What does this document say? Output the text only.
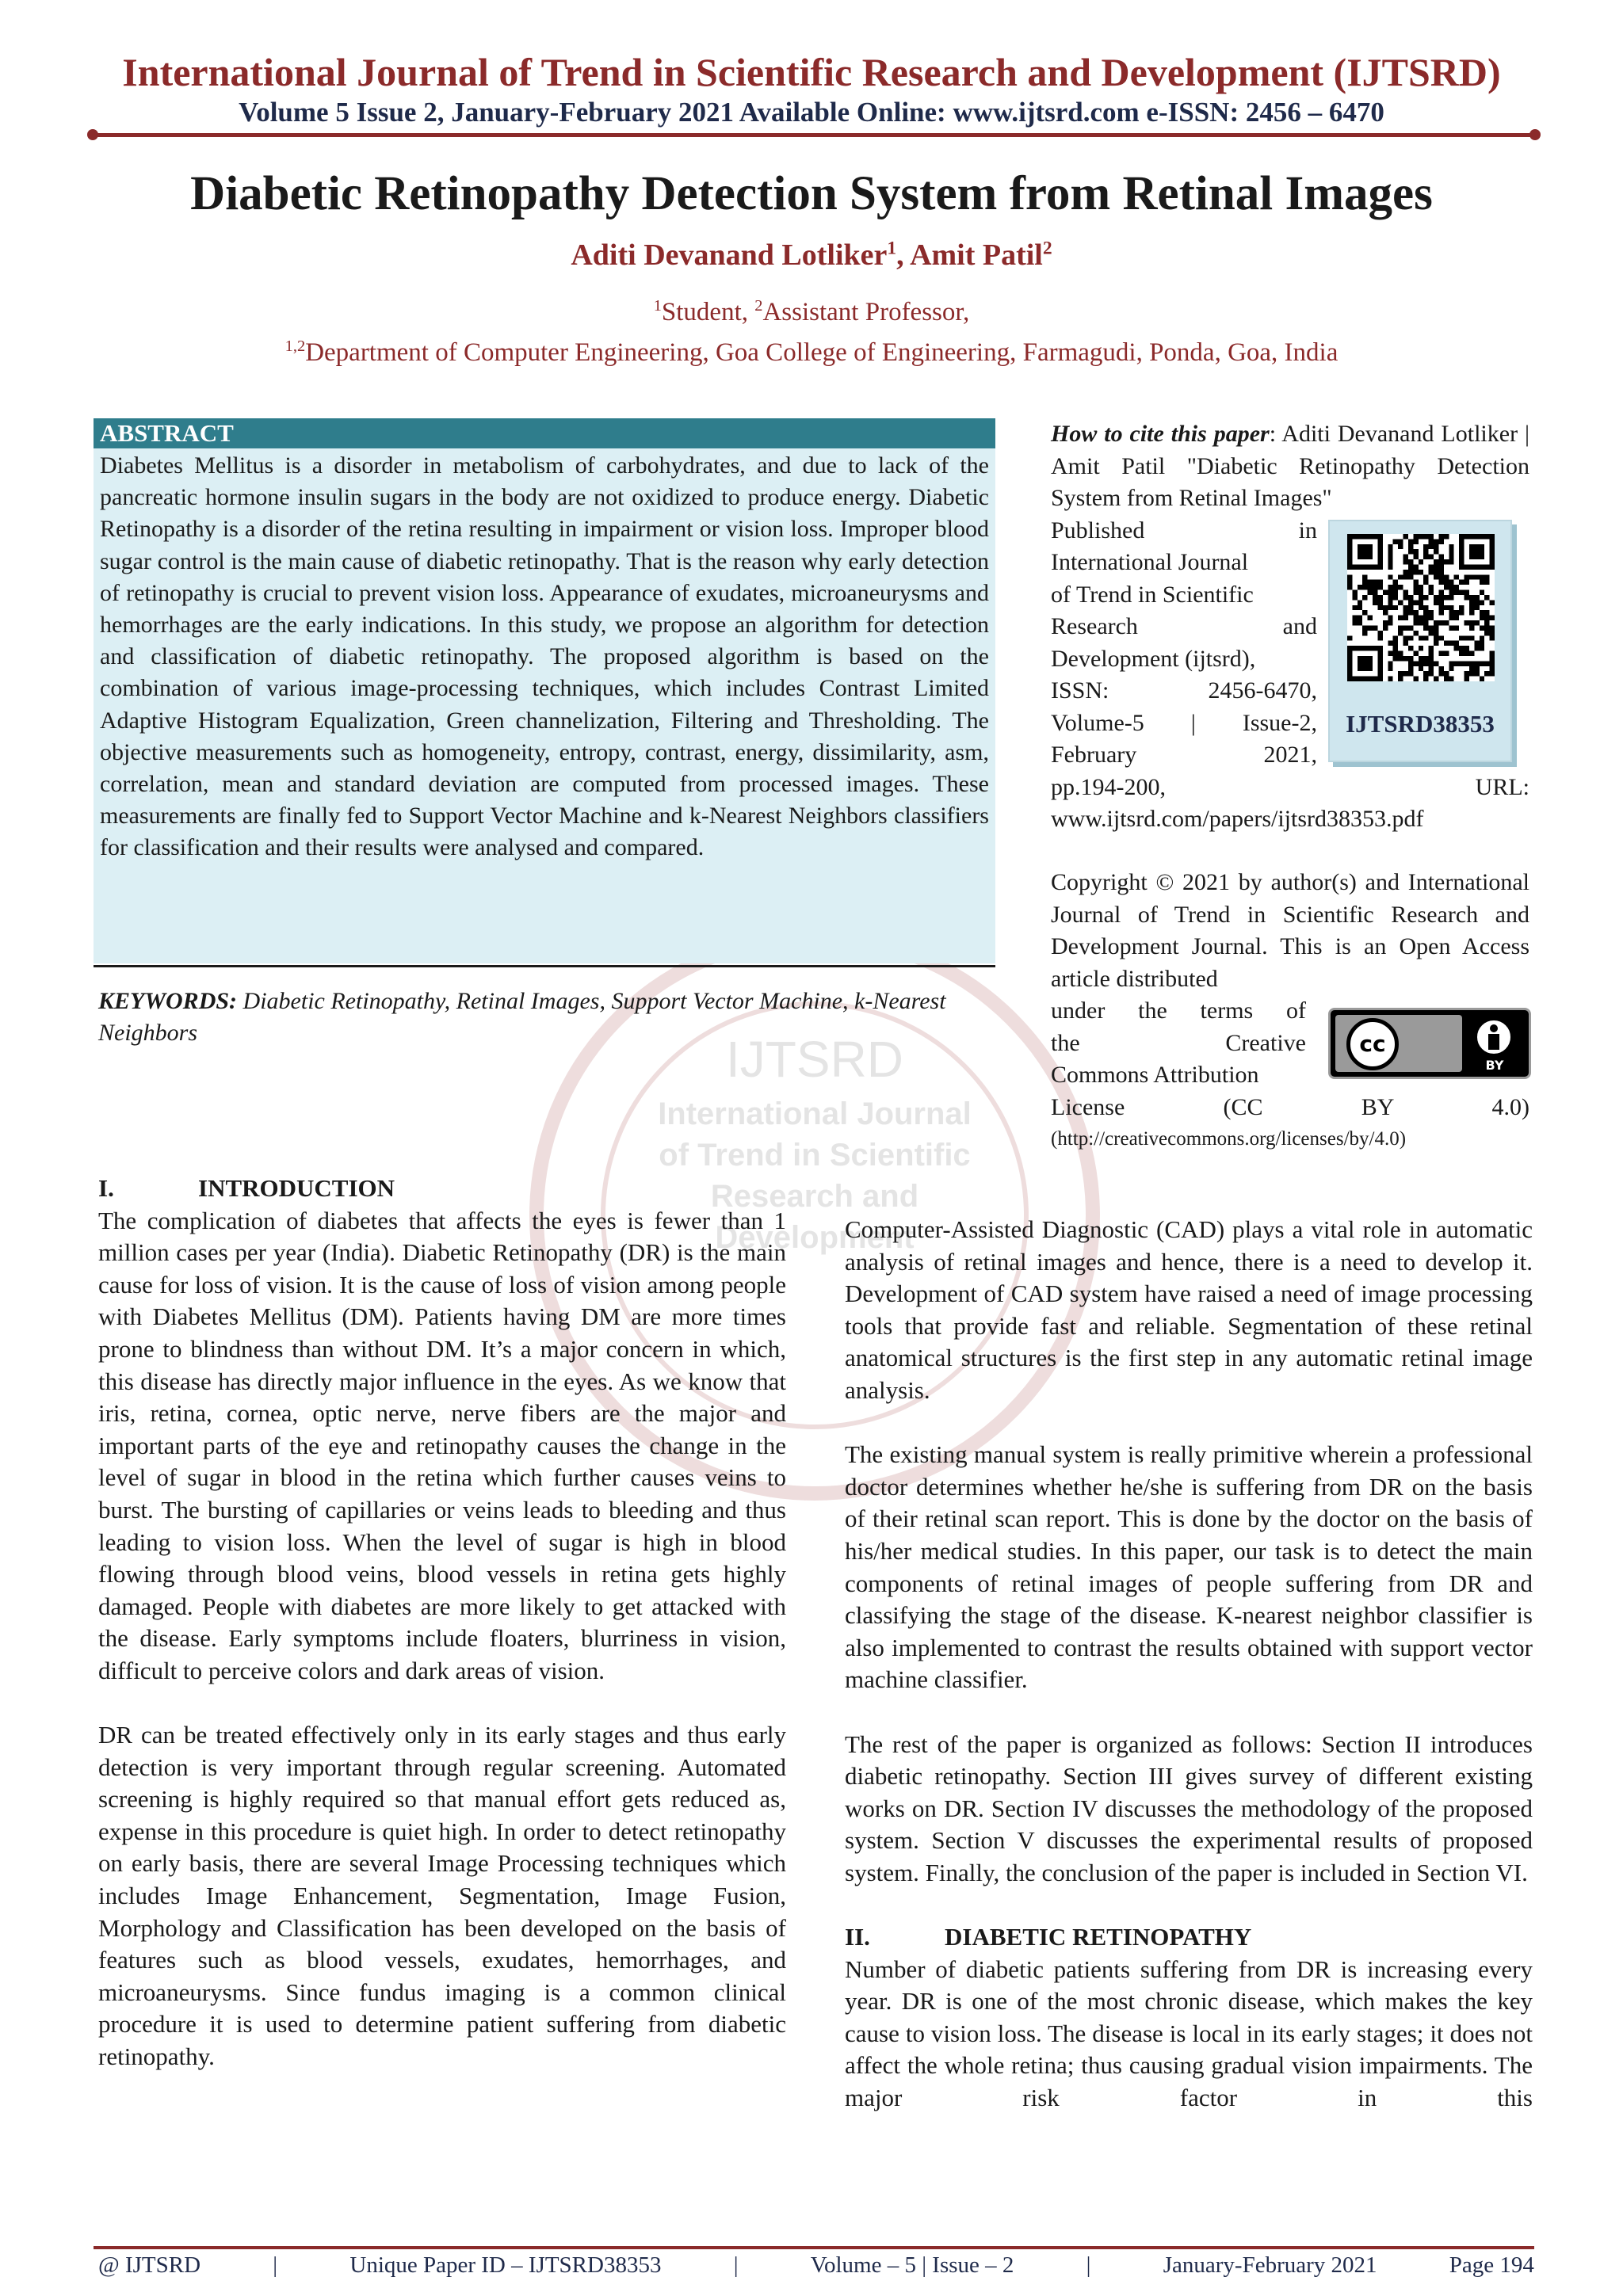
International Journal of Trend in Scientific Research and Development (IJTSRD)
Volume 5 Issue 2, January-February 2021 Available Online: www.ijtsrd.com e-ISSN: 2456 – 6470
Diabetic Retinopathy Detection System from Retinal Images
Aditi Devanand Lotliker$^1$, Amit Patil$^2$
$^1$Student, $^2$Assistant Professor,
$^{1,2}$Department of Computer Engineering, Goa College of Engineering, Farmagudi, Ponda, Goa, India
IJTSRD
International Journal
of Trend in Scientific
Research and
Development
ABSTRACT
Diabetes Mellitus is a disorder in metabolism of carbohydrates, and due to lack of the pancreatic hormone insulin sugars in the body are not oxidized to produce energy. Diabetic Retinopathy is a disorder of the retina resulting in impairment or vision loss. Improper blood sugar control is the main cause of diabetic retinopathy. That is the reason why early detection of retinopathy is crucial to prevent vision loss. Appearance of exudates, microaneurysms and hemorrhages are the early indications. In this study, we propose an algorithm for detection and classification of diabetic retinopathy. The proposed algorithm is based on the combination of various image-processing techniques, which includes Contrast Limited Adaptive Histogram Equalization, Green channelization, Filtering and Thresholding. The objective measurements such as homogeneity, entropy, contrast, energy, dissimilarity, asm, correlation, mean and standard deviation are computed from processed images. These measurements are finally fed to Support Vector Machine and k-Nearest Neighbors classifiers for classification and their results were analysed and compared.
KEYWORDS: Diabetic Retinopathy, Retinal Images, Support Vector Machine, k-Nearest Neighbors
How to cite this paper: Aditi Devanand Lotliker | Amit Patil "Diabetic Retinopathy Detection System from Retinal Images"
Published in
International Journal
of Trend in Scientific
Research and
Development (ijtsrd),
ISSN: 2456-6470,
Volume-5 | Issue-2,
February 2021,
pp.194-200, URL:
www.ijtsrd.com/papers/ijtsrd38353.pdf
IJTSRD38353
Copyright © 2021 by author(s) and International Journal of Trend in Scientific Research and Development Journal. This is an Open Access article distributed
under the terms of
the Creative
Commons Attribution
License (CC BY 4.0)
(http://creativecommons.org/licenses/by/4.0)
cc
BY
I.	INTRODUCTION
The complication of diabetes that affects the eyes is fewer than 1 million cases per year (India). Diabetic Retinopathy (DR) is the main cause for loss of vision. It is the cause of loss of vision among people with Diabetes Mellitus (DM). Patients having DM are more times prone to blindness than without DM. It’s a major concern in which, this disease has directly major influence in the eyes. As we know that iris, retina, cornea, optic nerve, nerve fibers are the major and important parts of the eye and retinopathy causes the change in the level of sugar in blood in the retina which further causes veins to burst. The bursting of capillaries or veins leads to bleeding and thus leading to vision loss. When the level of sugar is high in blood flowing through blood veins, blood vessels in retina gets highly damaged. People with diabetes are more likely to get attacked with the disease. Early symptoms include floaters, blurriness in vision, difficult to perceive colors and dark areas of vision.
DR can be treated effectively only in its early stages and thus early detection is very important through regular screening. Automated screening is highly required so that manual effort gets reduced as, expense in this procedure is quiet high. In order to detect retinopathy on early basis, there are several Image Processing techniques which includes Image Enhancement, Segmentation, Image Fusion, Morphology and Classification has been developed on the basis of features such as blood vessels, exudates, hemorrhages, and microaneurysms. Since fundus imaging is a common clinical procedure it is used to determine patient suffering from diabetic retinopathy.
Computer-Assisted Diagnostic (CAD) plays a vital role in automatic analysis of retinal images and hence, there is a need to develop it. Development of CAD system have raised a need of image processing tools that provide fast and reliable. Segmentation of these retinal anatomical structures is the first step in any automatic retinal image analysis.
The existing manual system is really primitive wherein a professional doctor determines whether he/she is suffering from DR on the basis of their retinal scan report. This is done by the doctor on the basis of his/her medical studies. In this paper, our task is to detect the main components of retinal images of people suffering from DR and classifying the stage of the disease. K-nearest neighbor classifier is also implemented to contrast the results obtained with support vector machine classifier.
The rest of the paper is organized as follows: Section II introduces diabetic retinopathy. Section III gives survey of different existing works on DR. Section IV discusses the methodology of the proposed system. Section V discusses the experimental results of proposed system. Finally, the conclusion of the paper is included in Section VI.
II.	DIABETIC RETINOPATHY
Number of diabetic patients suffering from DR is increasing every year. DR is one of the most chronic disease, which makes the key cause to vision loss. The disease is local in its early stages; it does not affect the whole retina; thus causing gradual vision impairments. The major risk factor in this
@ IJTSRD	|	Unique Paper ID – IJTSRD38353	|	Volume – 5 | Issue – 2	|	January-February 2021	Page 194
